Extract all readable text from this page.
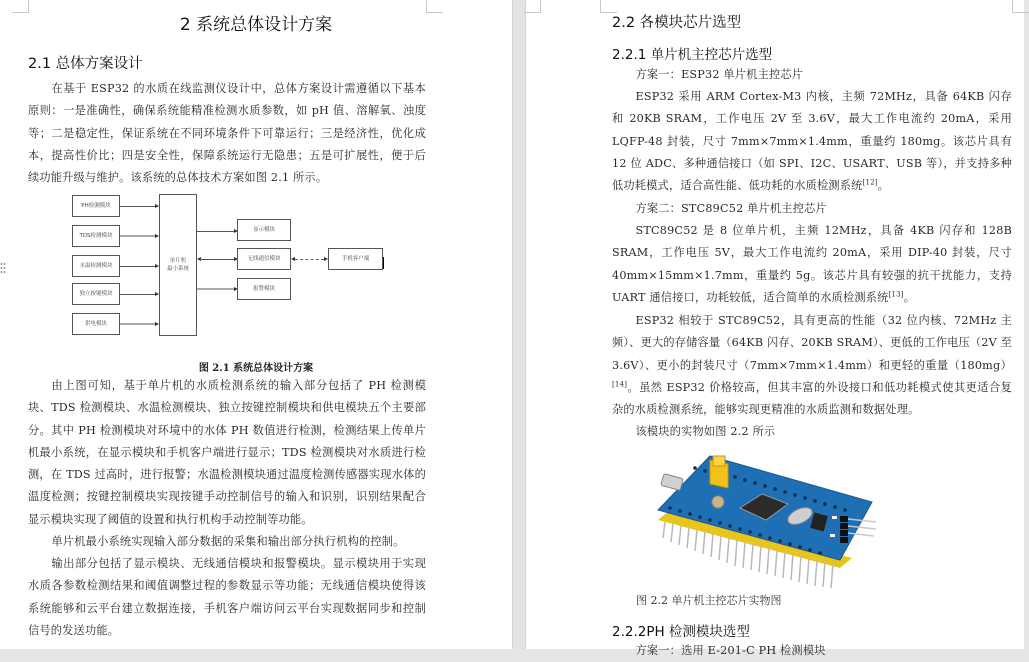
2 系统总体设计方案
2.1 总体方案设计
在基于 ESP32 的水质在线监测仪设计中，总体方案设计需遵循以下基本原则：一是准确性，确保系统能精准检测水质参数，如 pH 值、溶解氧、浊度等；二是稳定性，保证系统在不同环境条件下可靠运行；三是经济性，优化成本，提高性价比；四是安全性，保障系统运行无隐患；五是可扩展性，便于后续功能升级与维护。该系统的总体技术方案如图 2.1 所示。
PH检测模块
TDS检测模块
水温检测模块
独立按键模块
供电模块
单片机
最小系统
显示模块
无线通信模块
报警模块
手机客户端
图 2.1 系统总体设计方案
由上图可知，基于单片机的水质检测系统的输入部分包括了 PH 检测模块、TDS 检测模块、水温检测模块、独立按键控制模块和供电模块五个主要部分。其中 PH 检测模块对环境中的水体 PH 数值进行检测，检测结果上传单片机最小系统，在显示模块和手机客户端进行显示；TDS 检测模块对水质进行检测，在 TDS 过高时，进行报警；水温检测模块通过温度检测传感器实现水体的温度检测；按键控制模块实现按键手动控制信号的输入和识别，识别结果配合显示模块实现了阈值的设置和执行机构手动控制等功能。
单片机最小系统实现输入部分数据的采集和输出部分执行机构的控制。
输出部分包括了显示模块、无线通信模块和报警模块。显示模块用于实现水质各参数检测结果和阈值调整过程的参数显示等功能；无线通信模块使得该系统能够和云平台建立数据连接，手机客户端访问云平台实现数据同步和控制信号的发送功能。
2.2 各模块芯片选型
2.2.1 单片机主控芯片选型
方案一：ESP32 单片机主控芯片
ESP32 采用 ARM Cortex-M3 内核，主频 72MHz，具备 64KB 闪存和 20KB SRAM，工作电压 2V 至 3.6V，最大工作电流约 20mA，采用 LQFP-48 封装，尺寸 7mm×7mm×1.4mm，重量约 180mg。该芯片具有 12 位 ADC、多种通信接口（如 SPI、I2C、USART、USB 等），并支持多种低功耗模式，适合高性能、低功耗的水质检测系统[12]。
方案二：STC89C52 单片机主控芯片
STC89C52 是 8 位单片机，主频 12MHz，具备 4KB 闪存和 128B SRAM，工作电压 5V，最大工作电流约 20mA，采用 DIP-40 封装，尺寸 40mm×15mm×1.7mm，重量约 5g。该芯片具有较强的抗干扰能力，支持 UART 通信接口，功耗较低，适合简单的水质检测系统[13]。
ESP32 相较于 STC89C52，具有更高的性能（32 位内核、72MHz 主频）、更大的存储容量（64KB 闪存、20KB SRAM）、更低的工作电压（2V 至 3.6V）、更小的封装尺寸（7mm×7mm×1.4mm）和更轻的重量（180mg）[14]。虽然 ESP32 价格较高，但其丰富的外设接口和低功耗模式使其更适合复杂的水质检测系统，能够实现更精准的水质监测和数据处理。
该模块的实物如图 2.2 所示
图 2.2 单片机主控芯片实物图
2.2.2PH 检测模块选型
方案一：选用 E-201-C PH 检测模块
